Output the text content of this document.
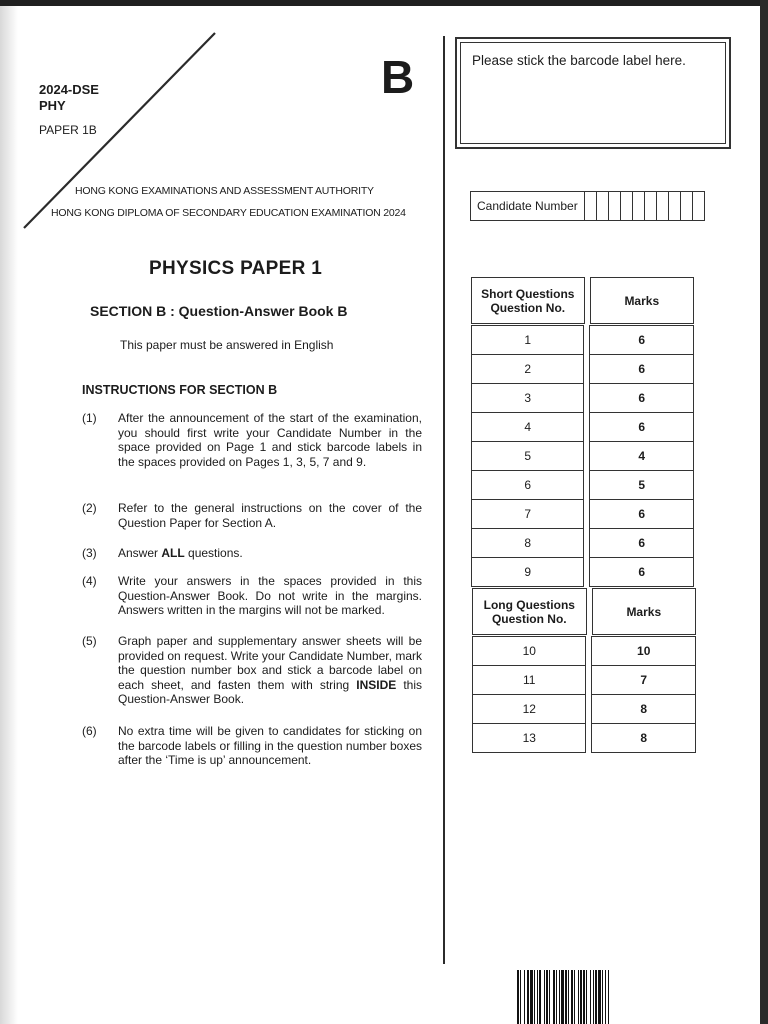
2024-DSE
PHY
PAPER 1B
B
HONG KONG EXAMINATIONS AND ASSESSMENT AUTHORITY
HONG KONG DIPLOMA OF SECONDARY EDUCATION EXAMINATION 2024
PHYSICS PAPER 1
SECTION B : Question-Answer Book B
This paper must be answered in English
INSTRUCTIONS FOR SECTION B
(1)	After the announcement of the start of the examination, you should first write your Candidate Number in the space provided on Page 1 and stick barcode labels in the spaces provided on Pages 1, 3, 5, 7 and 9.
(2)	Refer to the general instructions on the cover of the Question Paper for Section A.
(3)	Answer ALL questions.
(4)	Write your answers in the spaces provided in this Question-Answer Book. Do not write in the margins. Answers written in the margins will not be marked.
(5)	Graph paper and supplementary answer sheets will be provided on request. Write your Candidate Number, mark the question number box and stick a barcode label on each sheet, and fasten them with string INSIDE this Question-Answer Book.
(6)	No extra time will be given to candidates for sticking on the barcode labels or filling in the question number boxes after the ‘Time is up’ announcement.
Please stick the barcode label here.
Candidate Number
Short Questions Question No.		Marks
1		6
2		6
3		6
4		6
5		4
6		5
7		6
8		6
9		6
Long Questions Question No.		Marks
10		10
11		7
12		8
13		8
